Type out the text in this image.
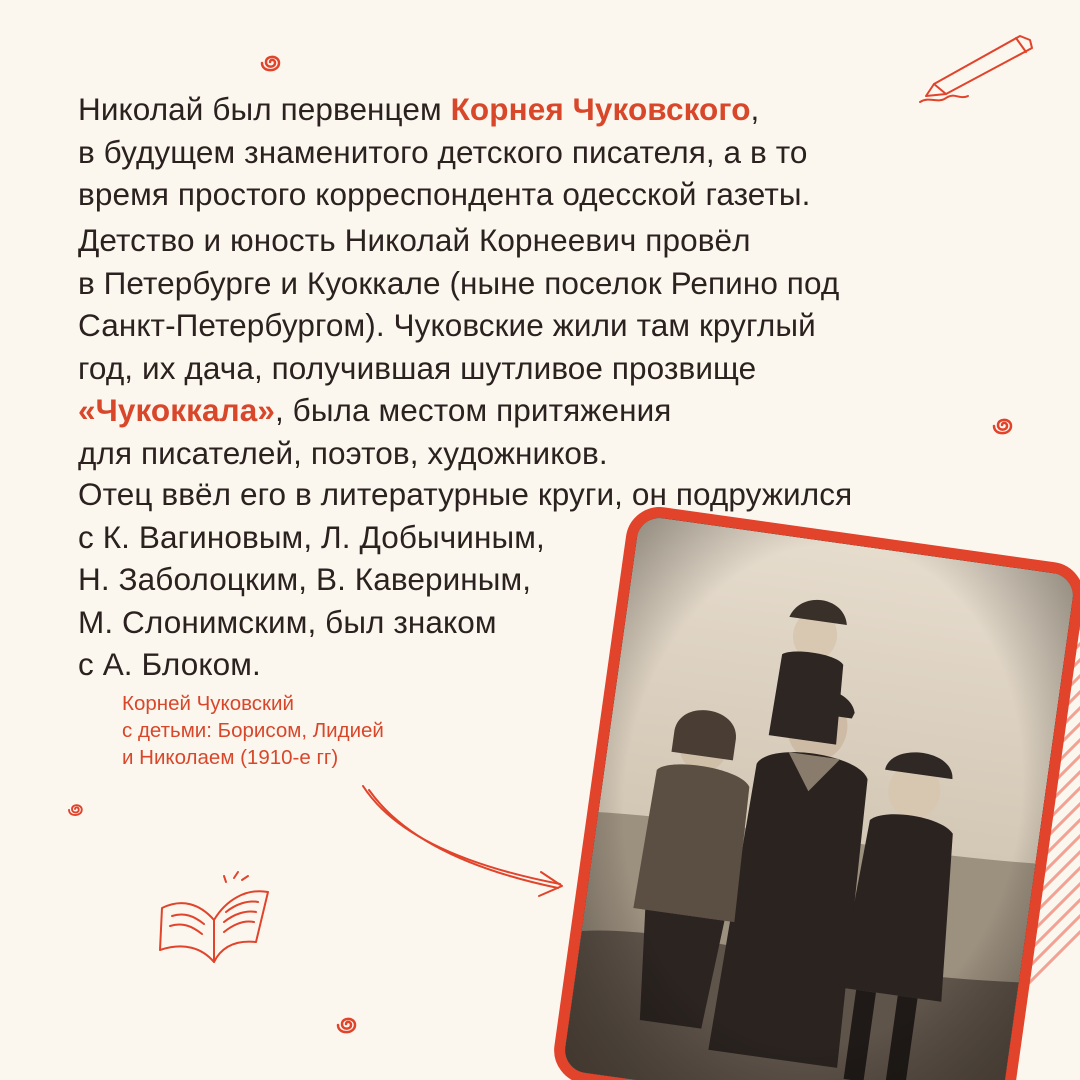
Николай был первенцем Корнея Чуковского,
в будущем знаменитого детского писателя, а в то
время простого корреспондента одесской газеты.

Детство и юность Николай Корнеевич провёл
в Петербурге и Куоккале (ныне поселок Репино под
Санкт-Петербургом). Чуковские жили там круглый
год, их дача, получившая шутливое прозвище
«Чукоккала», была местом притяжения
для писателей, поэтов, художников.

Отец ввёл его в литературные круги, он подружился
с К. Вагиновым, Л. Добычиным,
Н. Заболоцким, В. Кавериным,
М. Слонимским, был знаком
с А. Блоком.

Корней Чуковский
с детьми: Борисом, Лидией
и Николаем (1910-е гг)
